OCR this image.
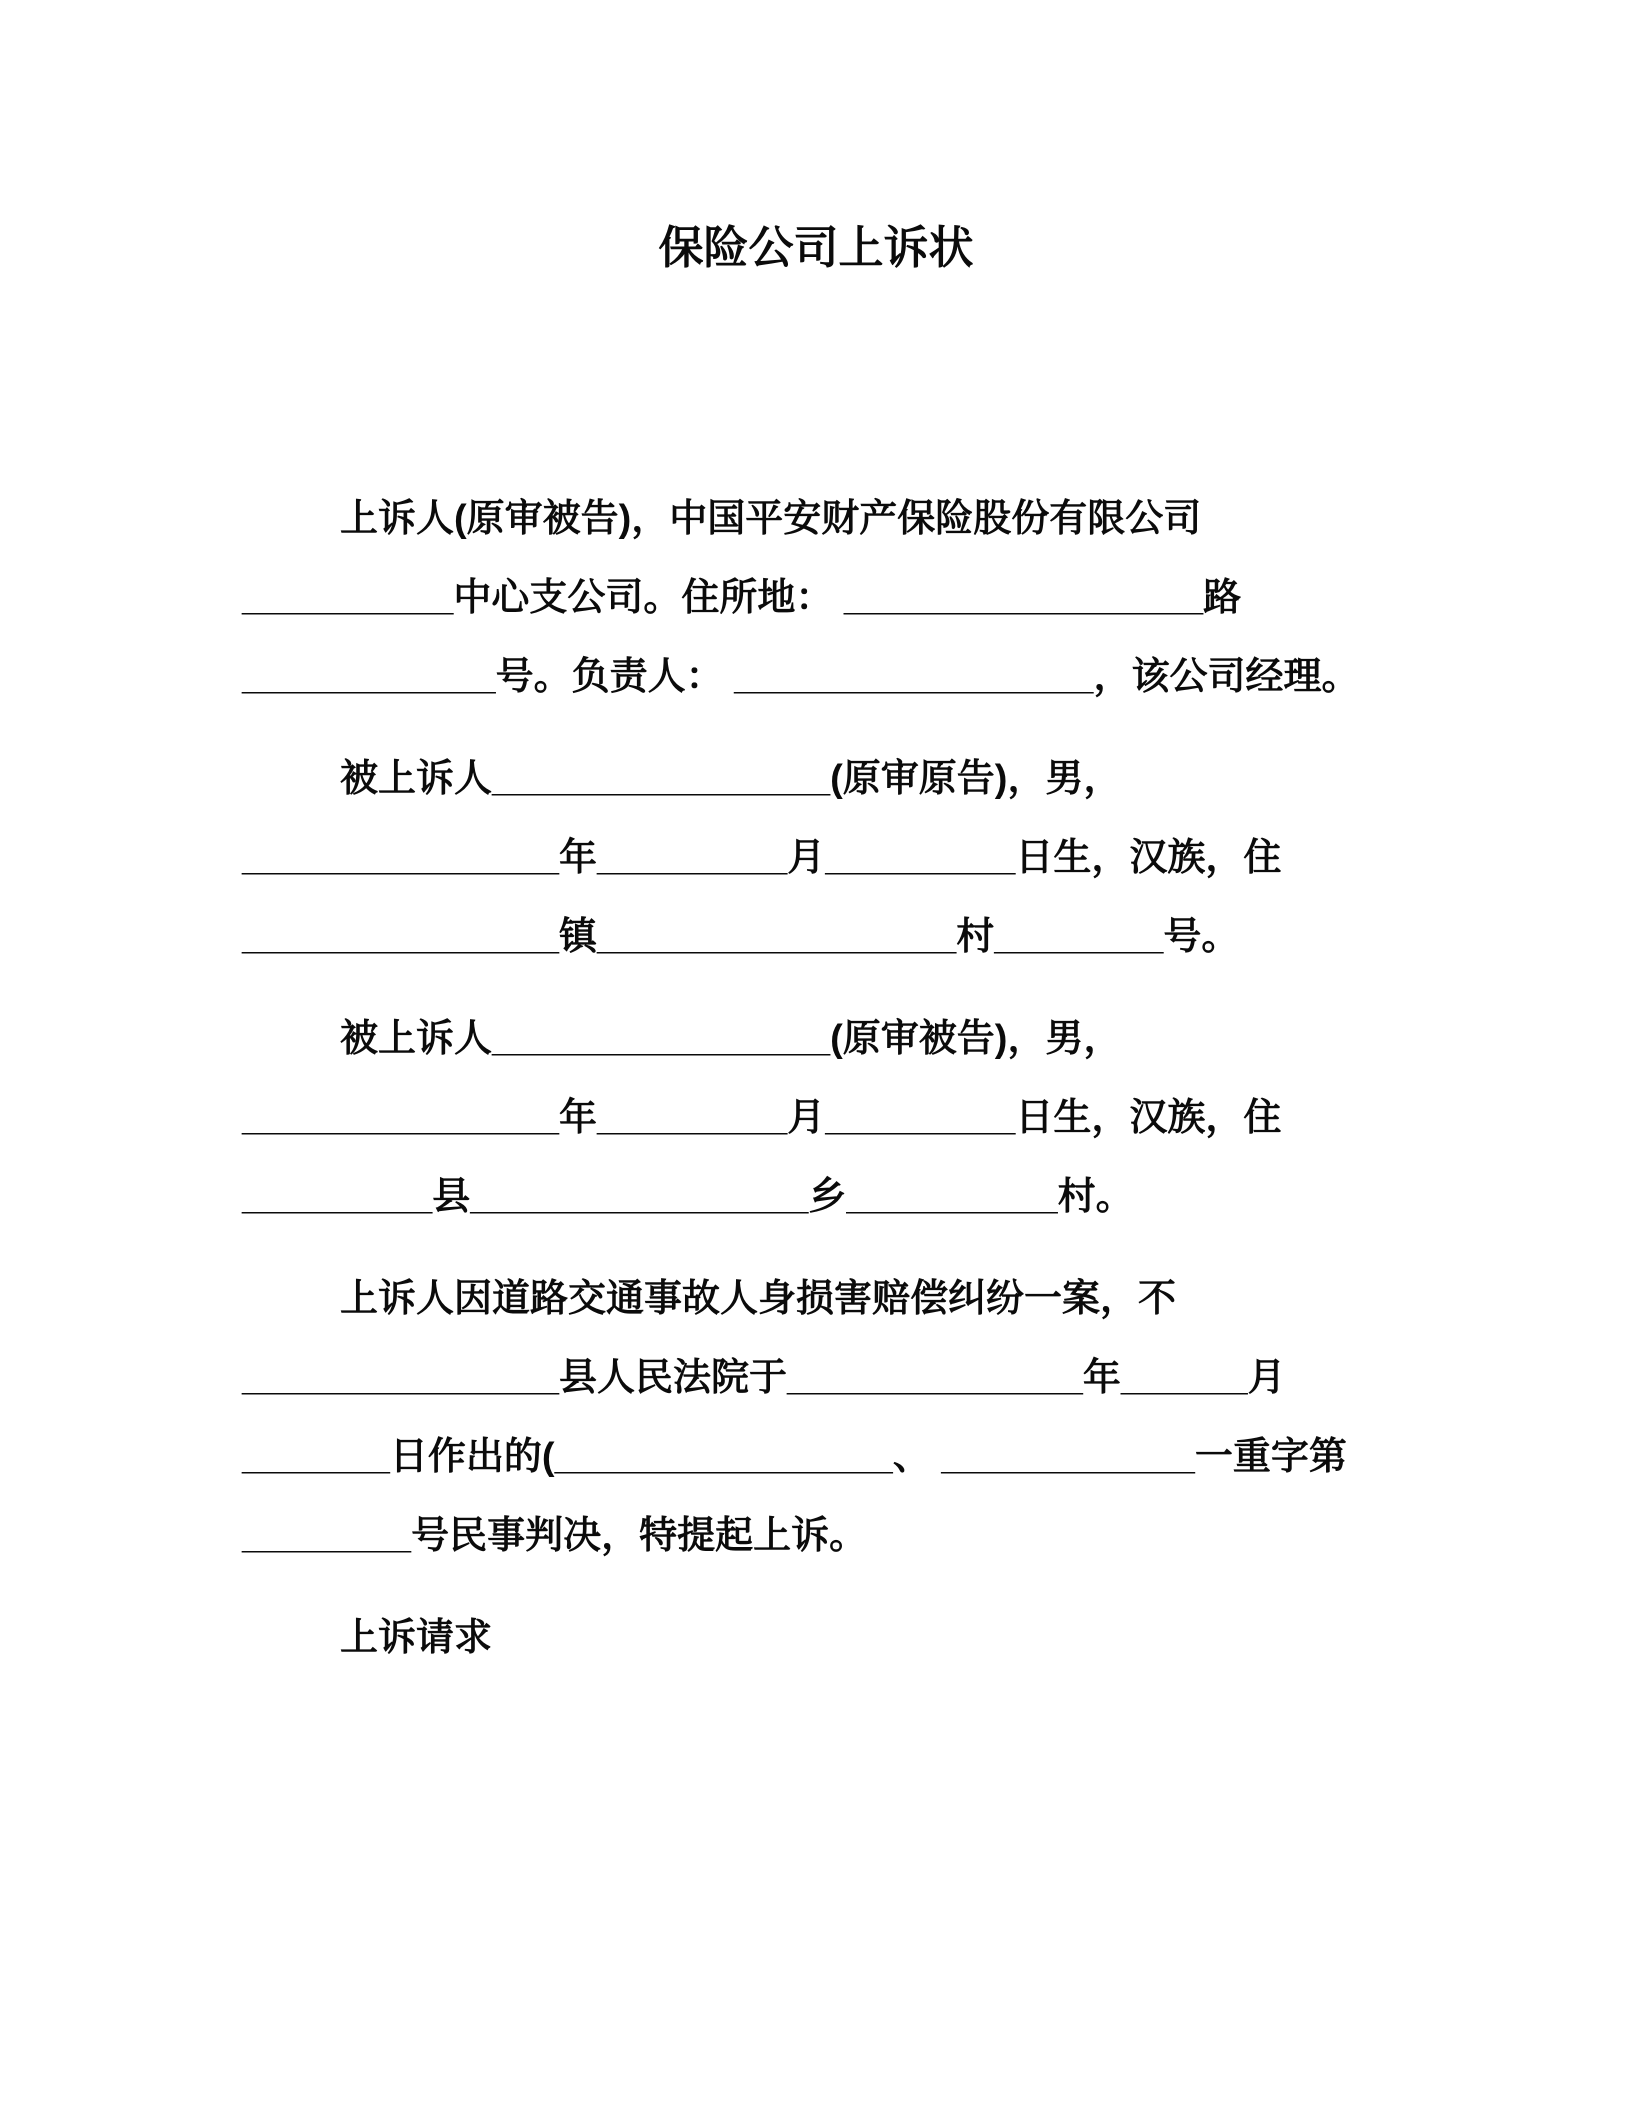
保险公司上诉状
上诉人(原审被告)，中国平安财产保险股份有限公司
__________中心支公司。住所地： _________________路
____________号。负责人： _________________，该公司经理。
被上诉人________________(原审原告)，男，
_______________年_________月_________日生，汉族，住
_______________镇_________________村________号。
被上诉人________________(原审被告)，男，
_______________年_________月_________日生，汉族，住
_________县________________乡__________村。
上诉人因道路交通事故人身损害赔偿纠纷一案，不
_______________县人民法院于______________年______月
_______日作出的(________________、 ____________一重字第
________号民事判决，特提起上诉。
上诉请求
